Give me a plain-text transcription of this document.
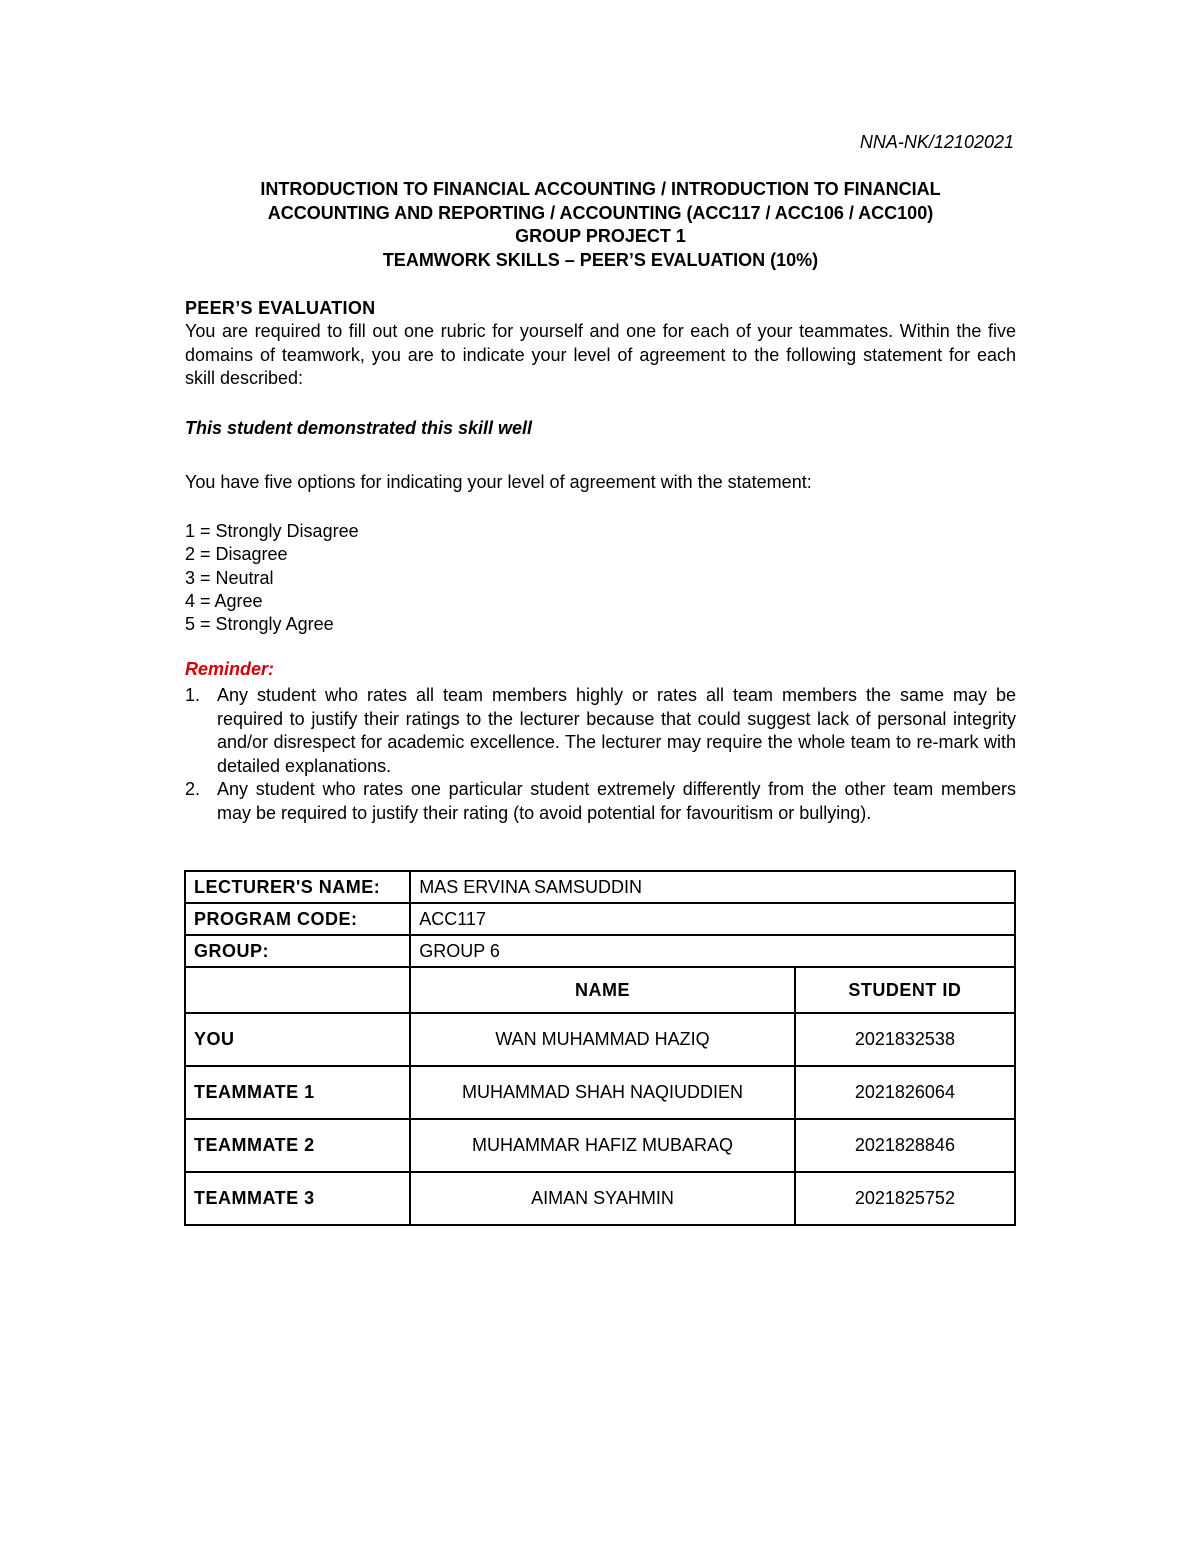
NNA-NK/12102021
INTRODUCTION TO FINANCIAL ACCOUNTING / INTRODUCTION TO FINANCIAL
ACCOUNTING AND REPORTING / ACCOUNTING (ACC117 / ACC106 / ACC100)
GROUP PROJECT 1
TEAMWORK SKILLS – PEER’S EVALUATION (10%)
PEER’S EVALUATION
You are required to fill out one rubric for yourself and one for each of your teammates. Within the five domains of teamwork, you are to indicate your level of agreement to the following statement for each skill described:
This student demonstrated this skill well
You have five options for indicating your level of agreement with the statement:
1 = Strongly Disagree
2 = Disagree
3 = Neutral
4 = Agree
5 = Strongly Agree
Reminder:
1. Any student who rates all team members highly or rates all team members the same may be required to justify their ratings to the lecturer because that could suggest lack of personal integrity and/or disrespect for academic excellence. The lecturer may require the whole team to re-mark with detailed explanations.
2. Any student who rates one particular student extremely differently from the other team members may be required to justify their rating (to avoid potential for favouritism or bullying).
LECTURER'S NAME:	MAS ERVINA SAMSUDDIN	
PROGRAM CODE:	ACC117	
GROUP:	GROUP 6	
	NAME	STUDENT ID
YOU	WAN MUHAMMAD HAZIQ	2021832538
TEAMMATE 1	MUHAMMAD SHAH NAQIUDDIEN	2021826064
TEAMMATE 2	MUHAMMAR HAFIZ MUBARAQ	2021828846
TEAMMATE 3	AIMAN SYAHMIN	2021825752
